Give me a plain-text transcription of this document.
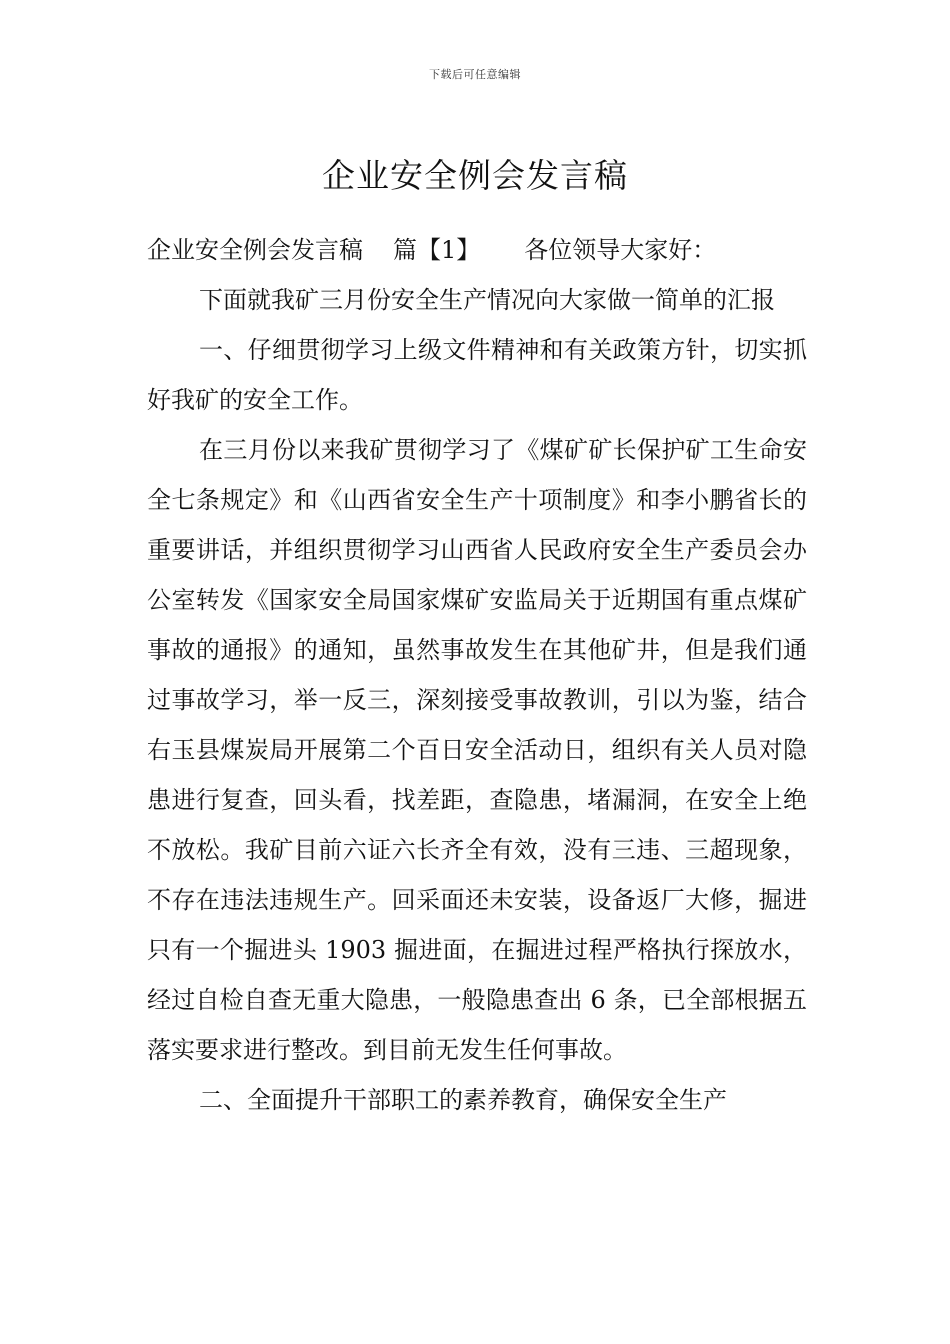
下载后可任意编辑
企业安全例会发言稿

企业安全例会发言稿 篇【1】 各位领导大家好：

下面就我矿三月份安全生产情况向大家做一简单的汇报

一、仔细贯彻学习上级文件精神和有关政策方针，切实抓好我矿的安全工作。

在三月份以来我矿贯彻学习了《煤矿矿长保护矿工生命安全七条规定》和《山西省安全生产十项制度》和李小鹏省长的重要讲话，并组织贯彻学习山西省人民政府安全生产委员会办公室转发《国家安全局国家煤矿安监局关于近期国有重点煤矿事故的通报》的通知，虽然事故发生在其他矿井，但是我们通过事故学习，举一反三，深刻接受事故教训，引以为鉴，结合右玉县煤炭局开展第二个百日安全活动日，组织有关人员对隐患进行复查，回头看，找差距，查隐患，堵漏洞，在安全上绝不放松。我矿目前六证六长齐全有效，没有三违、三超现象，不存在违法违规生产。回采面还未安装，设备返厂大修，掘进只有一个掘进头 1903 掘进面，在掘进过程严格执行探放水，经过自检自查无重大隐患，一般隐患查出 6 条，已全部根据五落实要求进行整改。到目前无发生任何事故。

二、全面提升干部职工的素养教育，确保安全生产
